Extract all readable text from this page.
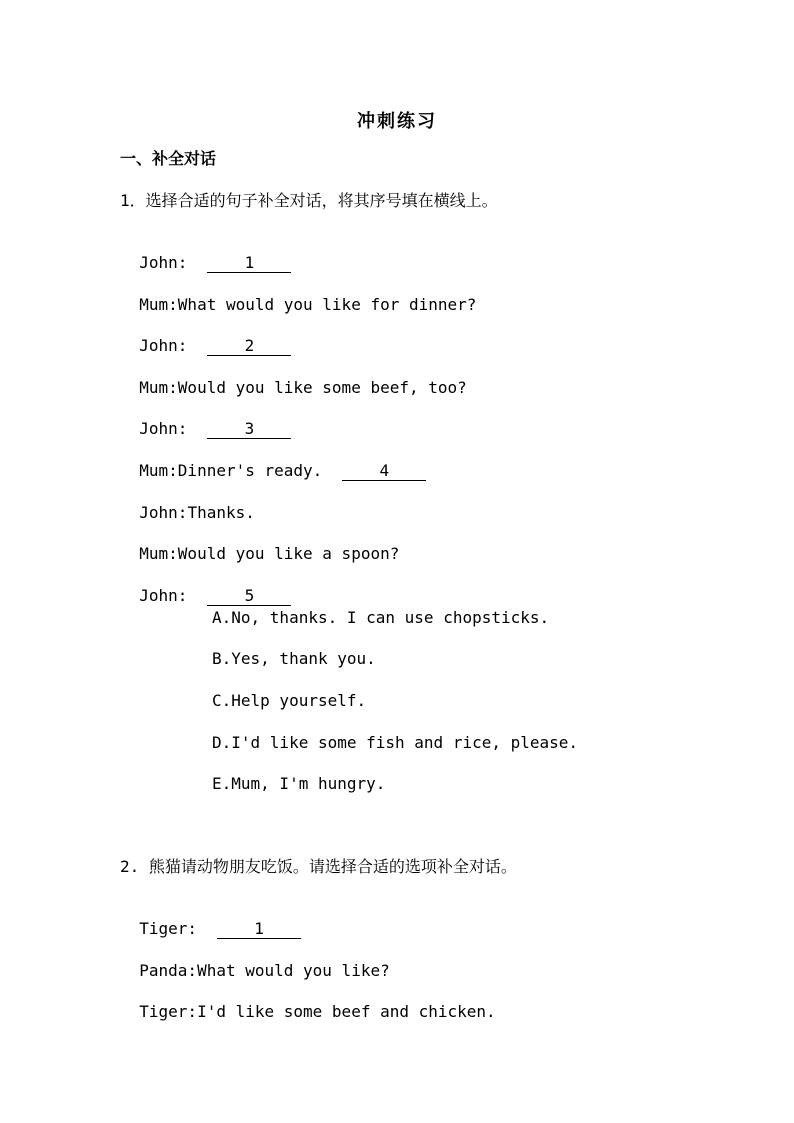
冲刺练习
一、补全对话
1．选择合适的句子补全对话，将其序号填在横线上。

John:	1

Mum:What would you like for dinner?

John:	2

Mum:Would you like some beef, too?

John:	3

Mum:Dinner's ready.	4

John:Thanks.

Mum:Would you like a spoon?

John:	5

A.No, thanks. I can use chopsticks.
B.Yes, thank you.
C.Help yourself.
D.I'd like some fish and rice, please.
E.Mum, I'm hungry.
2. 熊猫请动物朋友吃饭。请选择合适的选项补全对话。

Tiger:	1

Panda:What would you like?

Tiger:I'd like some beef and chicken.
